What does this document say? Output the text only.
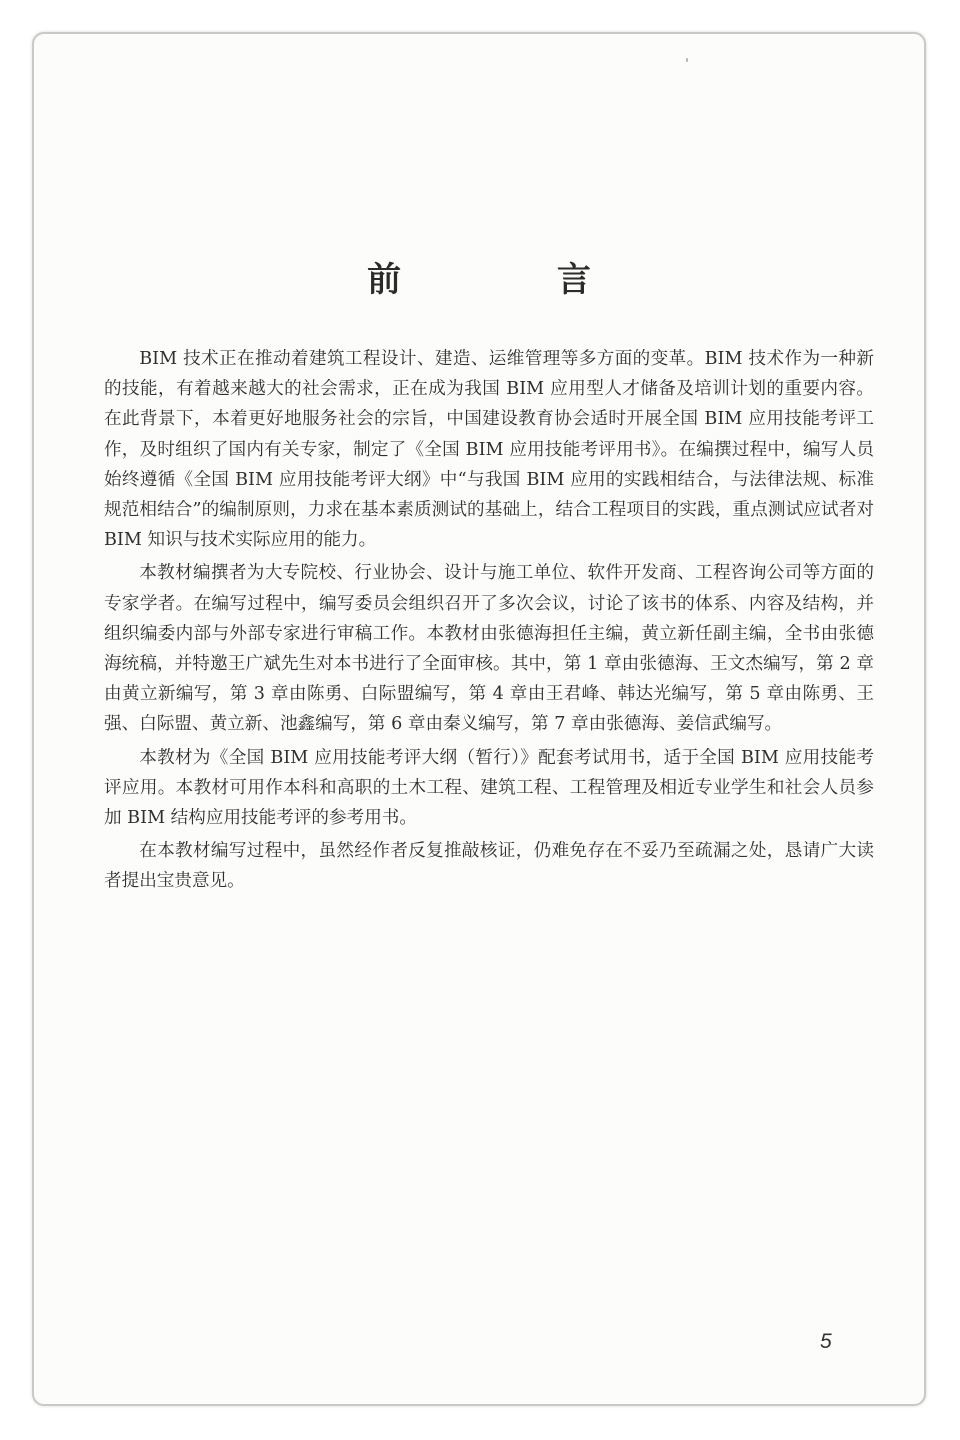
前 言

BIM 技术正在推动着建筑工程设计、建造、运维管理等多方面的变革。BIM 技术作为一种新的技能，有着越来越大的社会需求，正在成为我国 BIM 应用型人才储备及培训计划的重要内容。在此背景下，本着更好地服务社会的宗旨，中国建设教育协会适时开展全国 BIM 应用技能考评工作，及时组织了国内有关专家，制定了《全国 BIM 应用技能考评用书》。在编撰过程中，编写人员始终遵循《全国 BIM 应用技能考评大纲》中“与我国 BIM 应用的实践相结合，与法律法规、标准规范相结合”的编制原则，力求在基本素质测试的基础上，结合工程项目的实践，重点测试应试者对 BIM 知识与技术实际应用的能力。

本教材编撰者为大专院校、行业协会、设计与施工单位、软件开发商、工程咨询公司等方面的专家学者。在编写过程中，编写委员会组织召开了多次会议，讨论了该书的体系、内容及结构，并组织编委内部与外部专家进行审稿工作。本教材由张德海担任主编，黄立新任副主编，全书由张德海统稿，并特邀王广斌先生对本书进行了全面审核。其中，第 1 章由张德海、王文杰编写，第 2 章由黄立新编写，第 3 章由陈勇、白际盟编写，第 4 章由王君峰、韩达光编写，第 5 章由陈勇、王强、白际盟、黄立新、池鑫编写，第 6 章由秦义编写，第 7 章由张德海、姜信武编写。

本教材为《全国 BIM 应用技能考评大纲（暂行）》配套考试用书，适于全国 BIM 应用技能考评应用。本教材可用作本科和高职的土木工程、建筑工程、工程管理及相近专业学生和社会人员参加 BIM 结构应用技能考评的参考用书。

在本教材编写过程中，虽然经作者反复推敲核证，仍难免存在不妥乃至疏漏之处，恳请广大读者提出宝贵意见。

5
